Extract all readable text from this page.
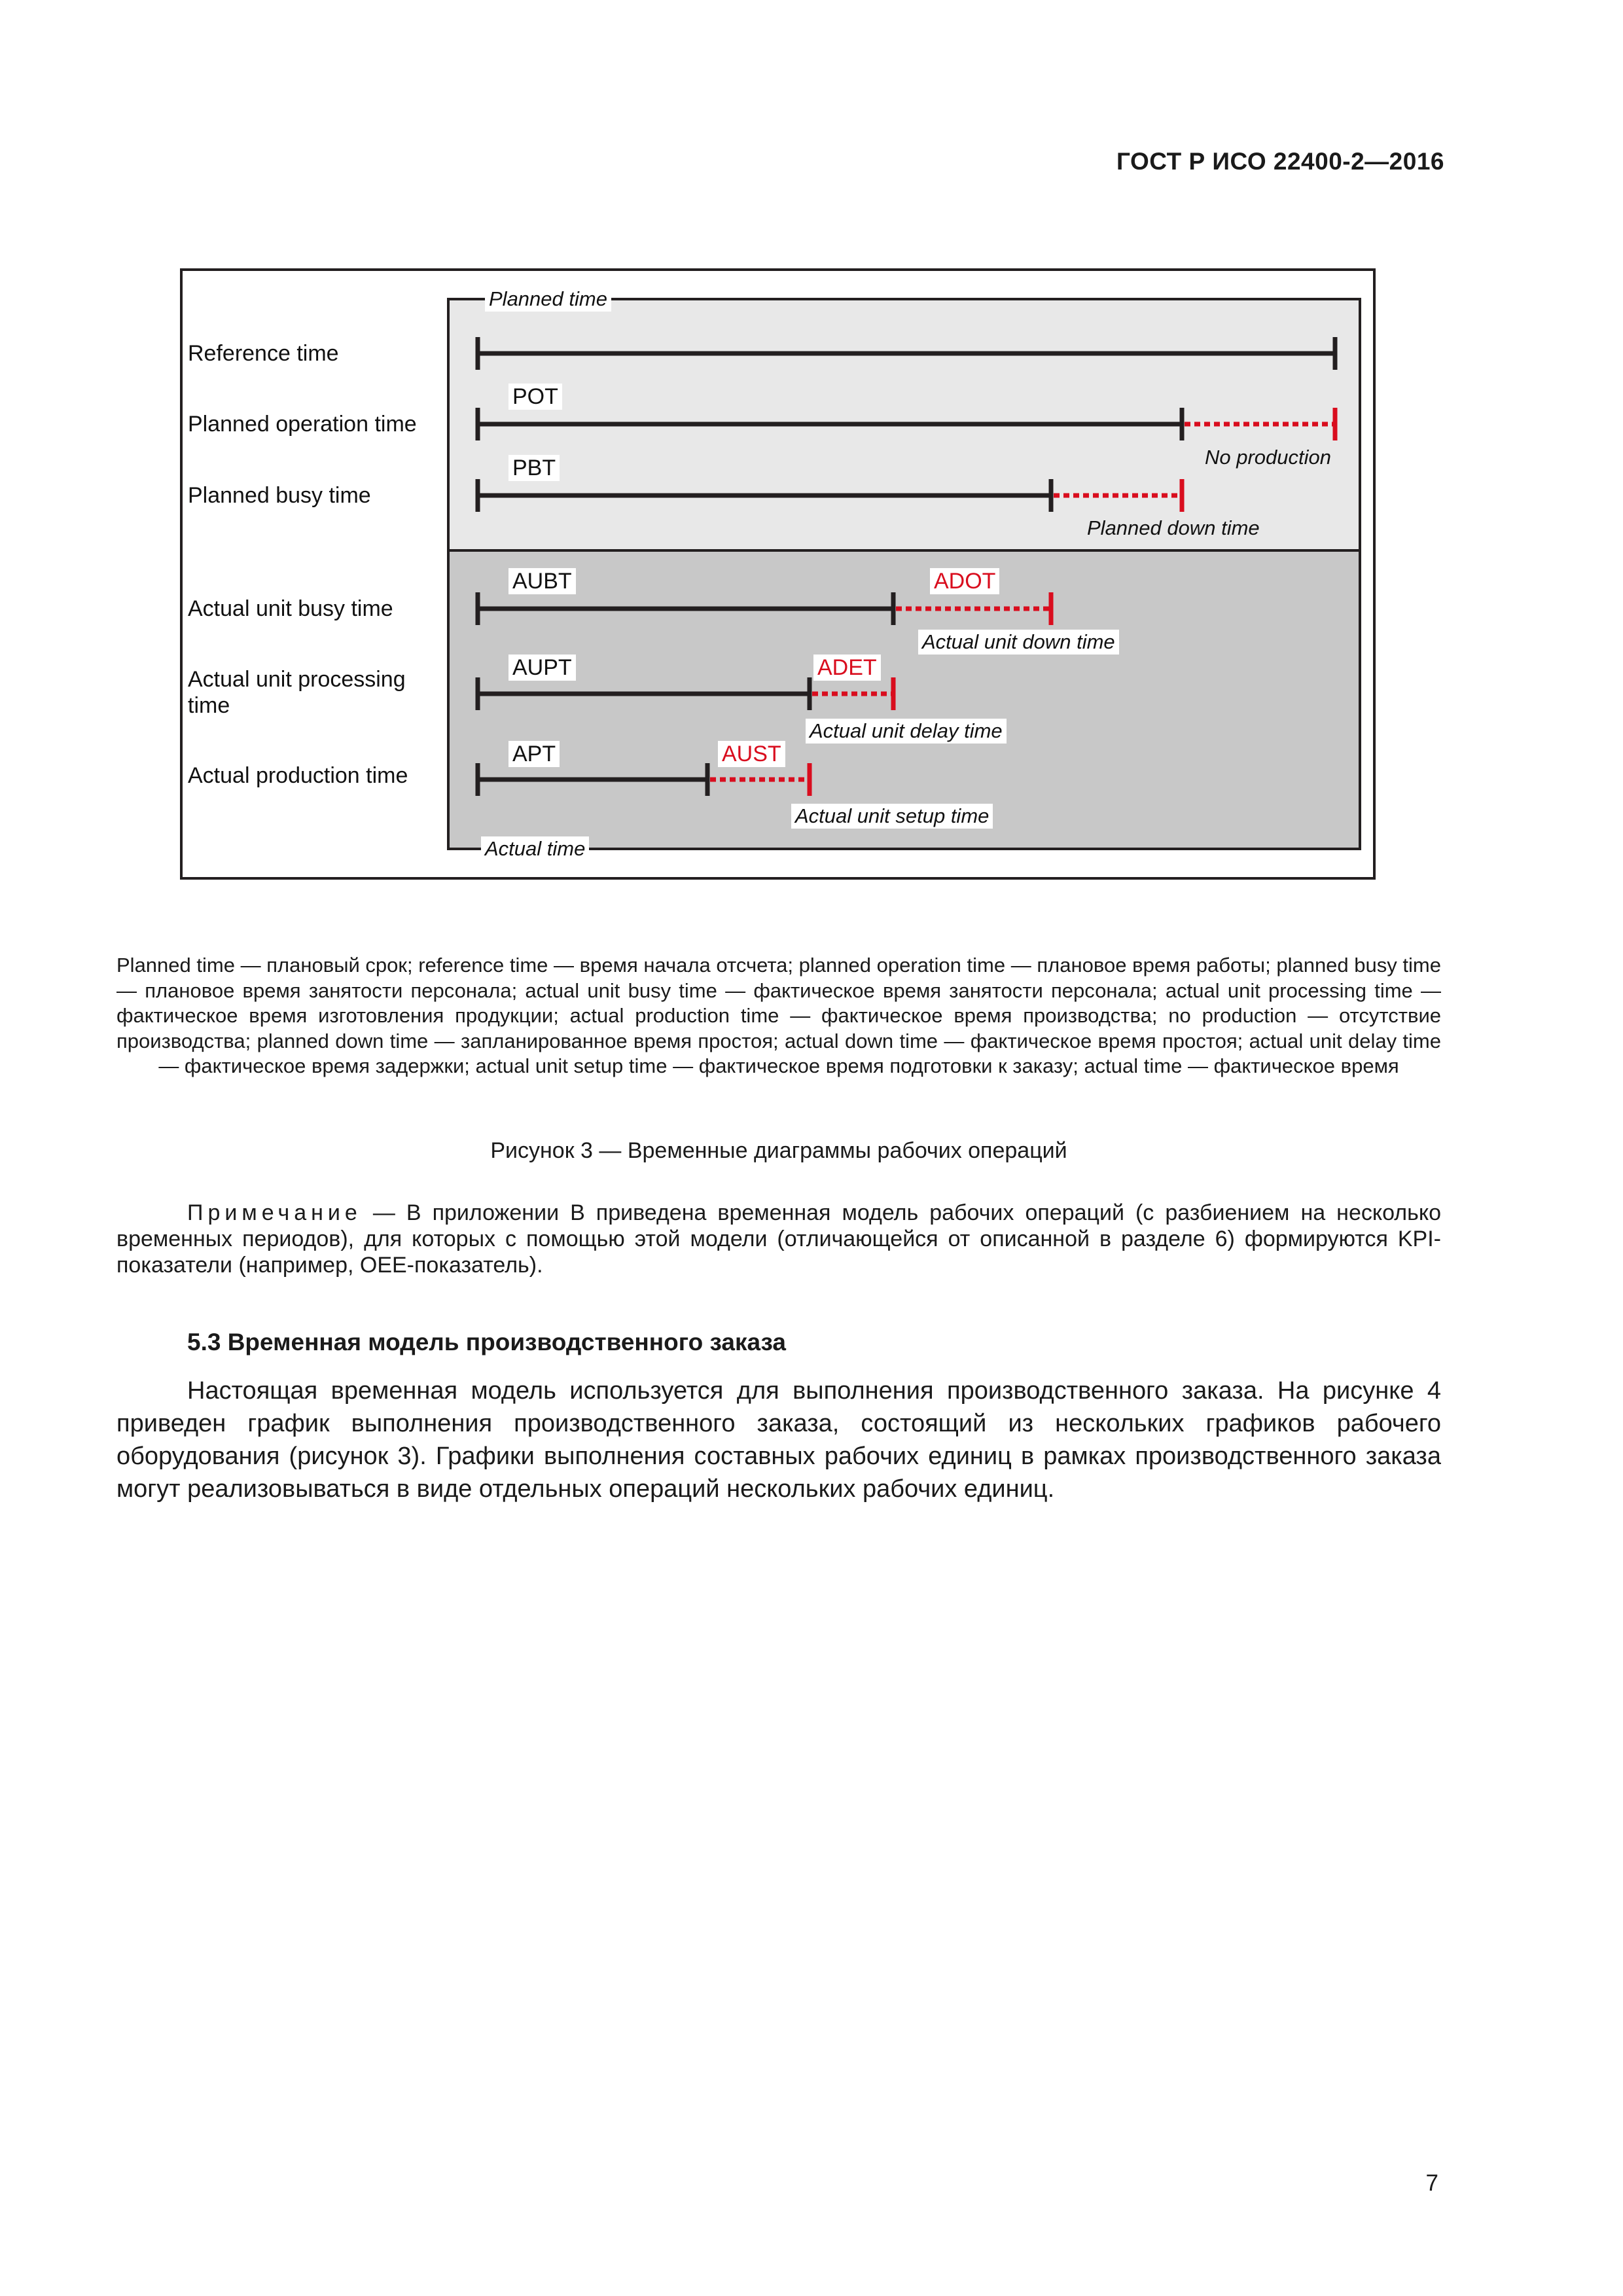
ГОСТ Р ИСО 22400-2—2016
Planned time
Actual time
Reference time
Planned operation time
Planned busy time
Actual unit busy time
Actual unit processing time
Actual production time
POT
PBT
AUBT	ADOT
AUPT	ADET
APT	AUST
No production
Planned down time
Actual unit down time
Actual unit delay time
Actual unit setup time
Planned time — плановый срок; reference time — время начала отсчета; planned operation time — плановое время работы; planned busy time — плановое время занятости персонала; actual unit busy time — фактическое время занятости персонала; actual unit processing time — фактическое время изготовления продукции; actual production time — фактическое время производства; no production — отсутствие производства; planned down time — запланированное время простоя; actual down time — фактическое время простоя; actual unit delay time — фактическое время задержки; actual unit setup time — фактическое время подготовки к заказу; actual time — фактическое время
Рисунок 3 — Временные диаграммы рабочих операций
Примечание — В приложении В приведена временная модель рабочих операций (с разбиением на несколько временных периодов), для которых с помощью этой модели (отличающейся от описанной в разделе 6) формируются KPI-показатели (например, OEE-показатель).
5.3 Временная модель производственного заказа
Настоящая временная модель используется для выполнения производственного заказа. На рисунке 4 приведен график выполнения производственного заказа, состоящий из нескольких графиков рабочего оборудования (рисунок 3). Графики выполнения составных рабочих единиц в рамках производственного заказа могут реализовываться в виде отдельных операций нескольких рабочих единиц.
7
